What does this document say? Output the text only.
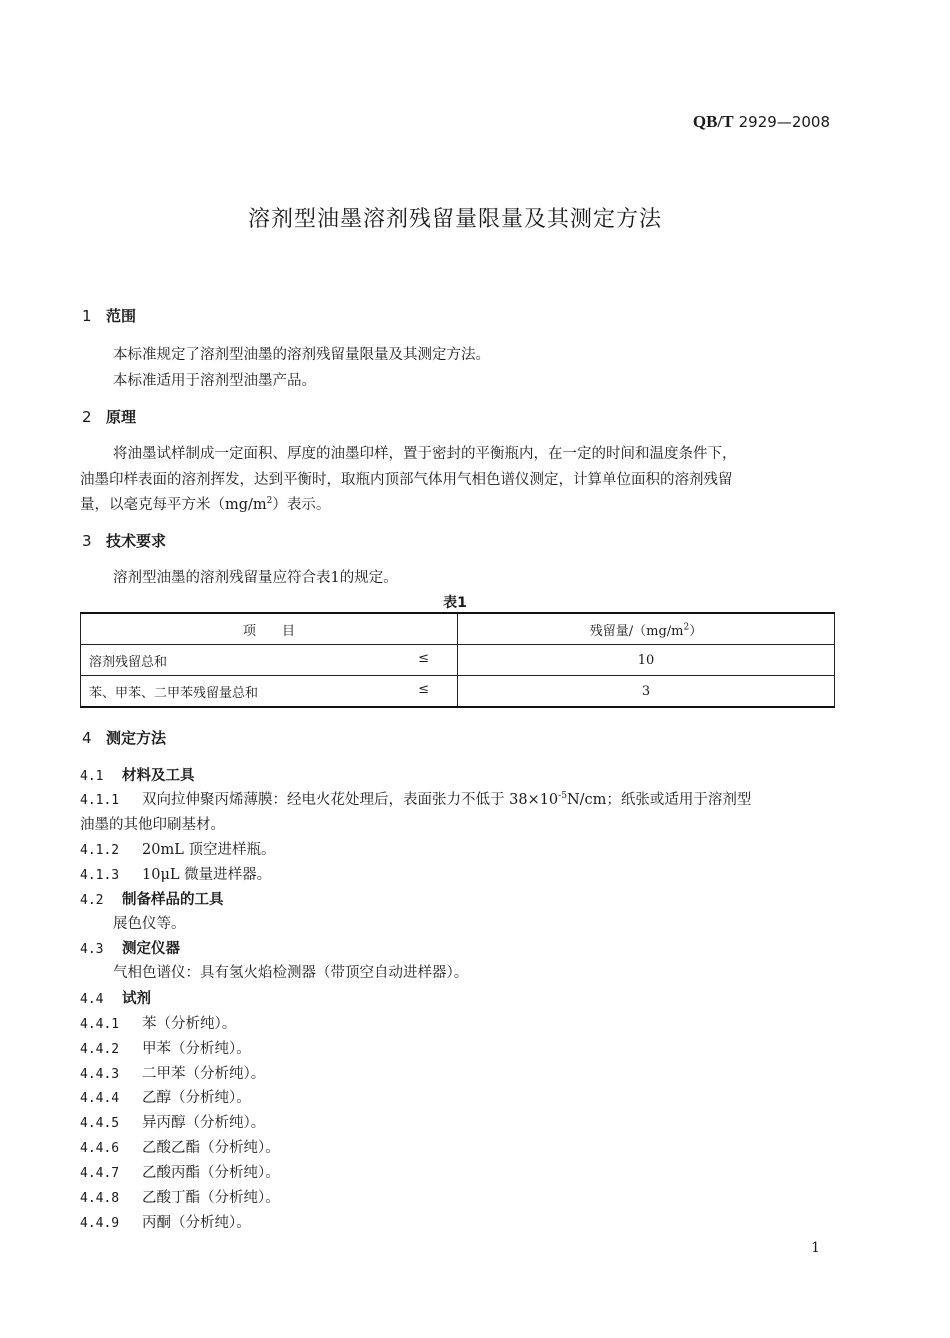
QB/T 2929—2008
溶剂型油墨溶剂残留量限量及其测定方法
1 范围
本标准规定了溶剂型油墨的溶剂残留量限量及其测定方法。
本标准适用于溶剂型油墨产品。
2 原理
将油墨试样制成一定面积、厚度的油墨印样，置于密封的平衡瓶内，在一定的时间和温度条件下，
油墨印样表面的溶剂挥发，达到平衡时，取瓶内顶部气体用气相色谱仪测定，计算单位面积的溶剂残留
量，以毫克每平方米$(mg/m^2)$表示。
3 技术要求
溶剂型油墨的溶剂残留量应符合表1的规定。
表1
项　　目	残留量$/(mg/m^2)$
溶剂残留总和 ≤	10
苯、甲苯、二甲苯残留量总和 ≤	3
4 测定方法
4.1 材料及工具
4.1.1 双向拉伸聚丙烯薄膜：经电火花处理后，表面张力不低于 $38\times 10^{-5}N/cm$；纸张或适用于溶剂型
油墨的其他印刷基材。
4.1.2 20mL 顶空进样瓶。
4.1.3 10μL 微量进样器。
4.2 制备样品的工具
展色仪等。
4.3 测定仪器
气相色谱仪：具有氢火焰检测器（带顶空自动进样器）。
4.4 试剂
4.4.1 苯（分析纯）。
4.4.2 甲苯（分析纯）。
4.4.3 二甲苯（分析纯）。
4.4.4 乙醇（分析纯）。
4.4.5 异丙醇（分析纯）。
4.4.6 乙酸乙酯（分析纯）。
4.4.7 乙酸丙酯（分析纯）。
4.4.8 乙酸丁酯（分析纯）。
4.4.9 丙酮（分析纯）。
1
